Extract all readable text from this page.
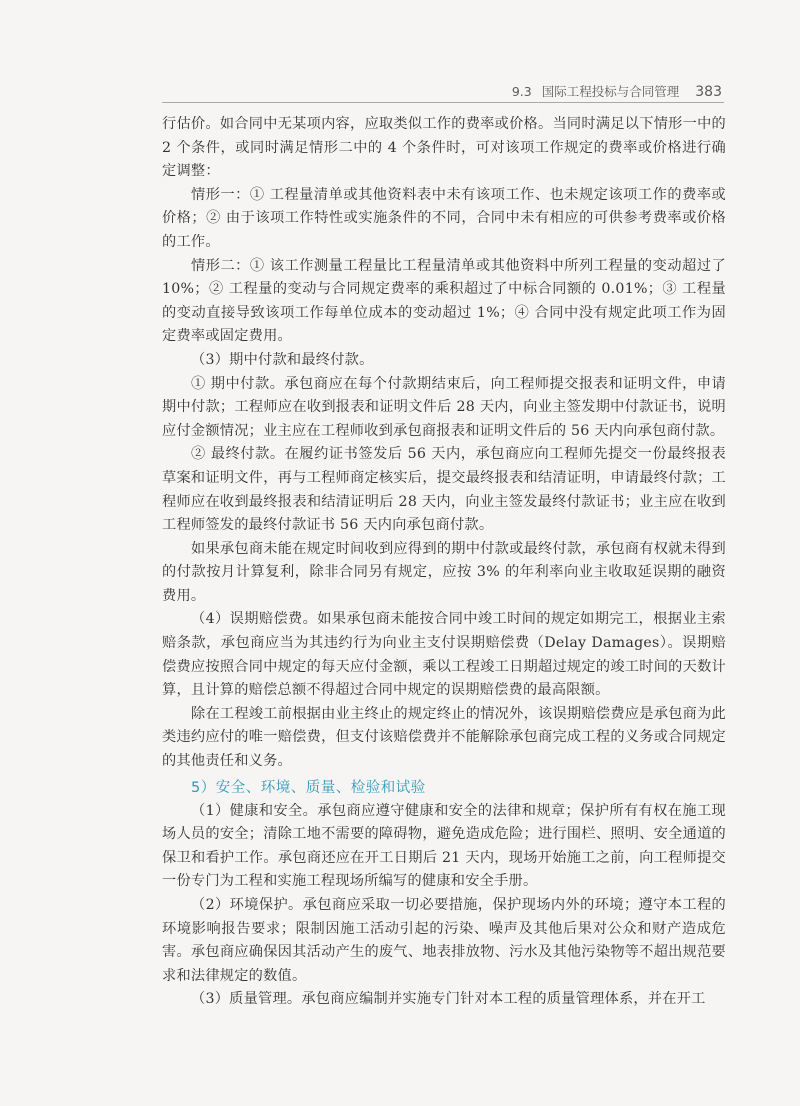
9.3 国际工程投标与合同管理 383

行估价。如合同中无某项内容，应取类似工作的费率或价格。当同时满足以下情形一中的 2 个条件，或同时满足情形二中的 4 个条件时，可对该项工作规定的费率或价格进行确定调整：

情形一：① 工程量清单或其他资料表中未有该项工作、也未规定该项工作的费率或价格；② 由于该项工作特性或实施条件的不同，合同中未有相应的可供参考费率或价格的工作。

情形二：① 该工作测量工程量比工程量清单或其他资料中所列工程量的变动超过了 10%；② 工程量的变动与合同规定费率的乘积超过了中标合同额的 0.01%；③ 工程量的变动直接导致该项工作每单位成本的变动超过 1%；④ 合同中没有规定此项工作为固定费率或固定费用。

（3）期中付款和最终付款。

① 期中付款。承包商应在每个付款期结束后，向工程师提交报表和证明文件，申请期中付款；工程师应在收到报表和证明文件后 28 天内，向业主签发期中付款证书，说明应付金额情况；业主应在工程师收到承包商报表和证明文件后的 56 天内向承包商付款。

② 最终付款。在履约证书签发后 56 天内，承包商应向工程师先提交一份最终报表草案和证明文件，再与工程师商定核实后，提交最终报表和结清证明，申请最终付款；工程师应在收到最终报表和结清证明后 28 天内，向业主签发最终付款证书；业主应在收到工程师签发的最终付款证书 56 天内向承包商付款。

如果承包商未能在规定时间收到应得到的期中付款或最终付款，承包商有权就未得到的付款按月计算复利，除非合同另有规定，应按 3% 的年利率向业主收取延误期的融资费用。

（4）误期赔偿费。如果承包商未能按合同中竣工时间的规定如期完工，根据业主索赔条款，承包商应当为其违约行为向业主支付误期赔偿费（Delay Damages）。误期赔偿费应按照合同中规定的每天应付金额，乘以工程竣工日期超过规定的竣工时间的天数计算，且计算的赔偿总额不得超过合同中规定的误期赔偿费的最高限额。

除在工程竣工前根据由业主终止的规定终止的情况外，该误期赔偿费应是承包商为此类违约应付的唯一赔偿费，但支付该赔偿费并不能解除承包商完成工程的义务或合同规定的其他责任和义务。

5）安全、环境、质量、检验和试验

（1）健康和安全。承包商应遵守健康和安全的法律和规章；保护所有有权在施工现场人员的安全；清除工地不需要的障碍物，避免造成危险；进行围栏、照明、安全通道的保卫和看护工作。承包商还应在开工日期后 21 天内，现场开始施工之前，向工程师提交一份专门为工程和实施工程现场所编写的健康和安全手册。

（2）环境保护。承包商应采取一切必要措施，保护现场内外的环境；遵守本工程的环境影响报告要求；限制因施工活动引起的污染、噪声及其他后果对公众和财产造成危害。承包商应确保因其活动产生的废气、地表排放物、污水及其他污染物等不超出规范要求和法律规定的数值。

（3）质量管理。承包商应编制并实施专门针对本工程的质量管理体系，并在开工
